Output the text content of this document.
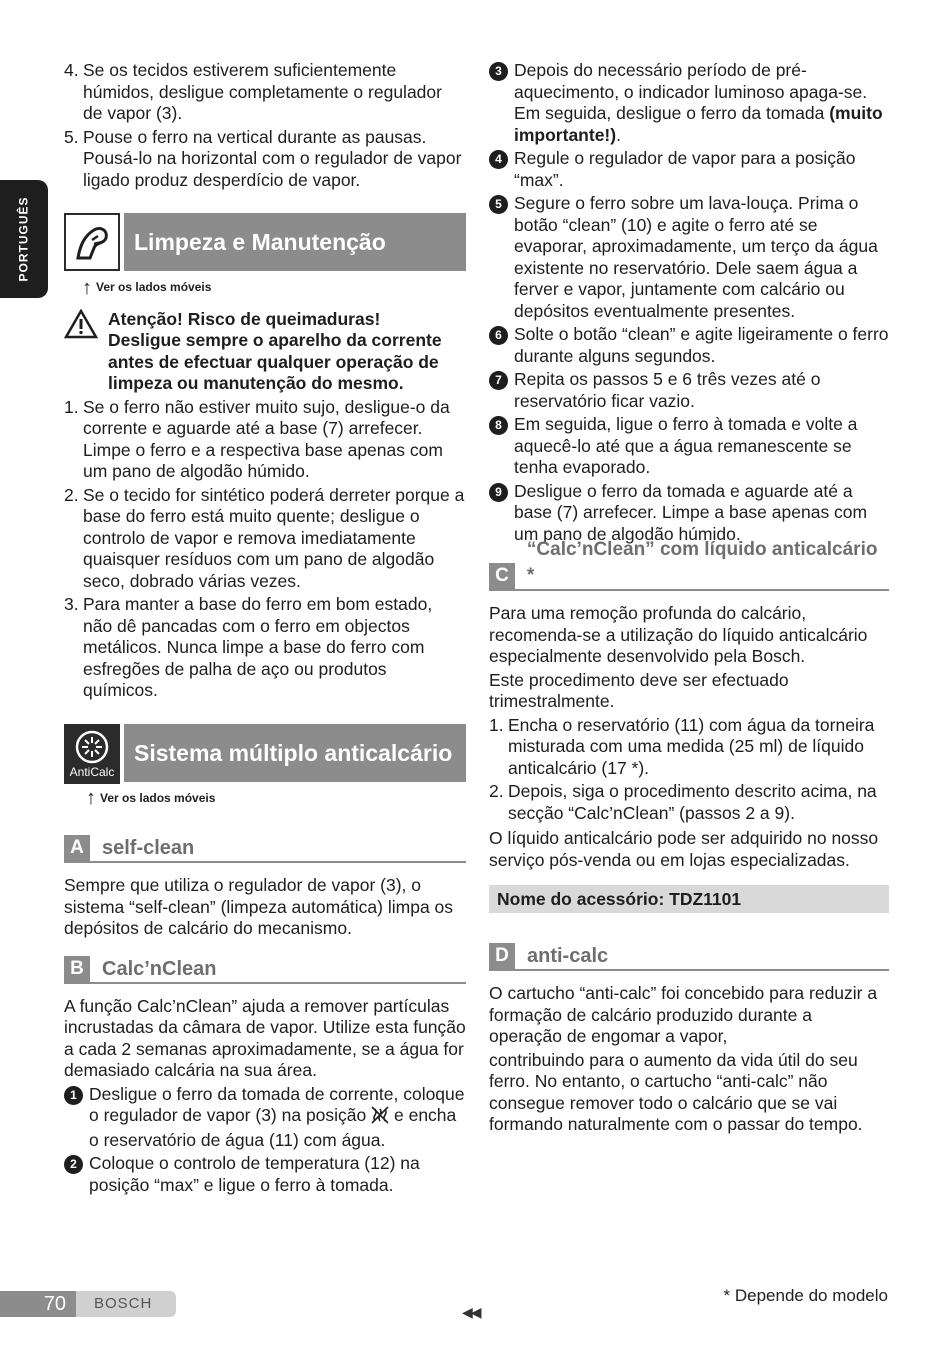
PORTUGUÊS
4. Se os tecidos estiverem suficientemente húmidos, desligue completamente o regulador de vapor (3).
5. Pouse o ferro na vertical durante as pausas. Pousá-lo na horizontal com o regulador de vapor ligado produz desperdício de vapor.
Limpeza e Manutenção
↑ Ver os lados móveis
Atenção! Risco de queimaduras!
Desligue sempre o aparelho da corrente antes de efectuar qualquer operação de limpeza ou manutenção do mesmo.
1. Se o ferro não estiver muito sujo, desligue-o da corrente e aguarde até a base (7) arrefecer. Limpe o ferro e a respectiva base apenas com um pano de algodão húmido.
2. Se o tecido for sintético poderá derreter porque a base do ferro está muito quente; desligue o controlo de vapor e remova imediatamente quaisquer resíduos com um pano de algodão seco, dobrado várias vezes.
3. Para manter a base do ferro em bom estado, não dê pancadas com o ferro em objectos metálicos. Nunca limpe a base do ferro com esfregões de palha de aço ou produtos químicos.
AntiCalc
Sistema múltiplo anticalcário
↑ Ver os lados móveis
A self-clean

Sempre que utiliza o regulador de vapor (3), o sistema “self-clean” (limpeza automática) limpa os depósitos de calcário do mecanismo.

B Calc’nClean

A função Calc’nClean” ajuda a remover partículas incrustadas da câmara de vapor. Utilize esta função a cada 2 semanas aproximadamente, se a água for demasiado calcária na sua área.

1 Desligue o ferro da tomada de corrente, coloque o regulador de vapor (3) na posição  e encha o reservatório de água (11) com água.
2 Coloque o controlo de temperatura (12) na posição “max” e ligue o ferro à tomada.
3 Depois do necessário período de pré-aquecimento, o indicador luminoso apaga-se. Em seguida, desligue o ferro da tomada (muito importante!).
4 Regule o regulador de vapor para a posição “max”.
5 Segure o ferro sobre um lava-louça. Prima o botão “clean” (10) e agite o ferro até se evaporar, aproximadamente, um terço da água existente no reservatório. Dele saem água a ferver e vapor, juntamente com calcário ou depósitos eventualmente presentes.
6 Solte o botão “clean” e agite ligeiramente o ferro durante alguns segundos.
7 Repita os passos 5 e 6 três vezes até o reservatório ficar vazio.
8 Em seguida, ligue o ferro à tomada e volte a aquecê-lo até que a água remanescente se tenha evaporado.
9 Desligue o ferro da tomada e aguarde até a base (7) arrefecer. Limpe a base apenas com um pano de algodão húmido.
C
“Calc’nClean” com líquido anticalcário *

Para uma remoção profunda do calcário, recomenda-se a utilização do líquido anticalcário especialmente desenvolvido pela Bosch.

Este procedimento deve ser efectuado trimestralmente.

1. Encha o reservatório (11) com água da torneira misturada com uma medida (25 ml) de líquido anticalcário (17 *).
2. Depois, siga o procedimento descrito acima, na secção “Calc’nClean” (passos 2 a 9).

O líquido anticalcário pode ser adquirido no nosso serviço pós-venda ou em lojas especializadas.

Nome do acessório: TDZ1101
D anti-calc

O cartucho “anti-calc” foi concebido para reduzir a formação de calcário produzido durante a operação de engomar a vapor,

contribuindo para o aumento da vida útil do seu ferro. No entanto, o cartucho “anti-calc” não consegue remover todo o calcário que se vai formando naturalmente com o passar do tempo.

70	BOSCH	◀◀
* Depende do modelo
